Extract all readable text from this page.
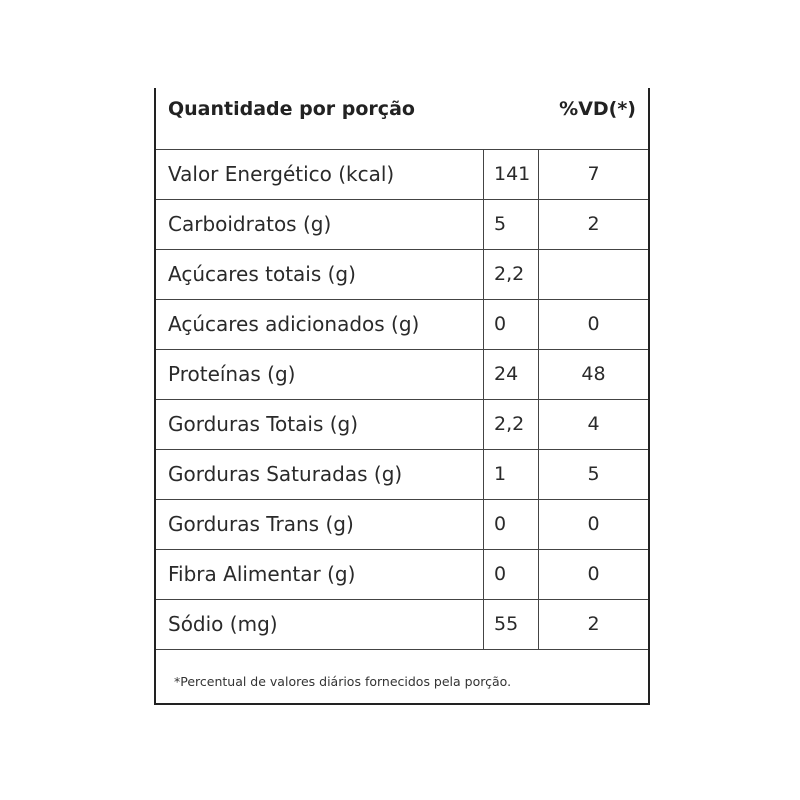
Quantidade por porção	%VD(*)
Valor Energético (kcal)	141	7
Carboidratos (g)	5	2
Açúcares totais (g)	2,2
Açúcares adicionados (g)	0	0
Proteínas (g)	24	48
Gorduras Totais (g)	2,2	4
Gorduras Saturadas (g)	1	5
Gorduras Trans (g)	0	0
Fibra Alimentar (g)	0	0
Sódio (mg)	55	2
*Percentual de valores diários fornecidos pela porção.
